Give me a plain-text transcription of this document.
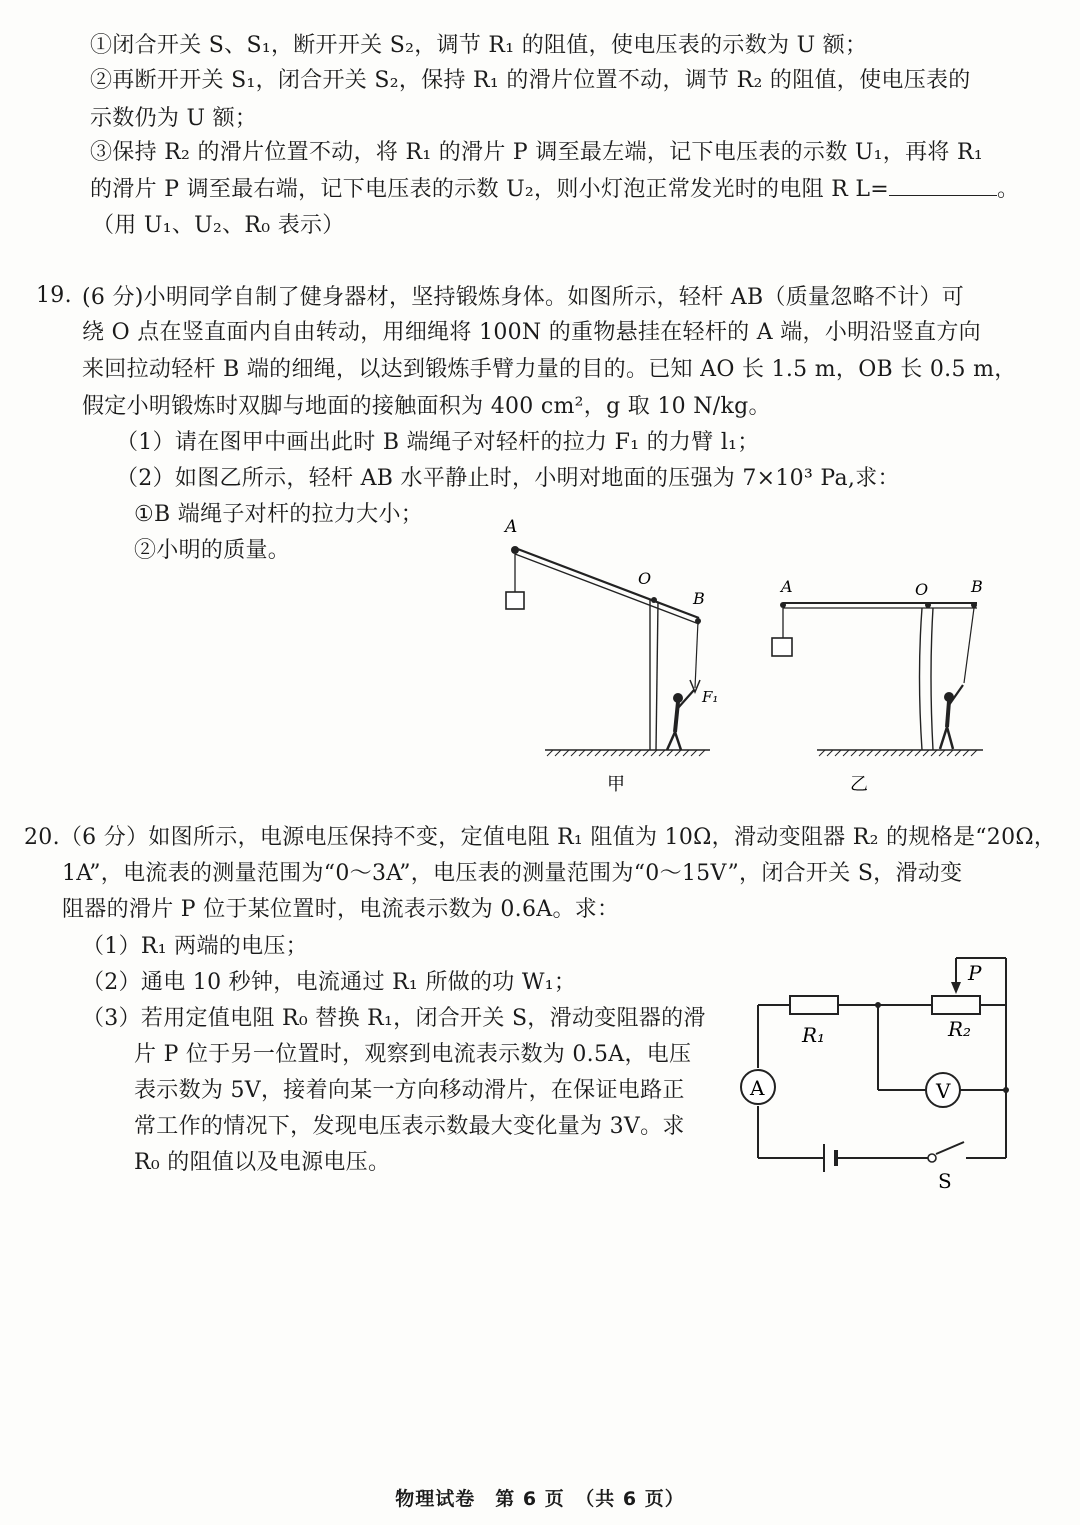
①闭合开关 S、S₁，断开开关 S₂，调节 R₁ 的阻值，使电压表的示数为 U 额；
②再断开开关 S₁，闭合开关 S₂，保持 R₁ 的滑片位置不动，调节 R₂ 的阻值，使电压表的
示数仍为 U 额；
③保持 R₂ 的滑片位置不动，将 R₁ 的滑片 P 调至最左端，记下电压表的示数 U₁，再将 R₁
的滑片 P 调至最右端，记下电压表的示数 U₂，则小灯泡正常发光时的电阻 R L=	。
（用 U₁、U₂、R₀ 表示）
19. (6 分)小明同学自制了健身器材，坚持锻炼身体。如图所示，轻杆 AB（质量忽略不计）可
绕 O 点在竖直面内自由转动，用细绳将 100N 的重物悬挂在轻杆的 A 端，小明沿竖直方向
来回拉动轻杆 B 端的细绳，以达到锻炼手臂力量的目的。已知 AO 长 1.5 m，OB 长 0.5 m，
假定小明锻炼时双脚与地面的接触面积为 400 cm²，g 取 10 N/kg。
（1）请在图甲中画出此时 B 端绳子对轻杆的拉力 F₁ 的力臂 l₁；
（2）如图乙所示，轻杆 AB 水平静止时，小明对地面的压强为 7×10³ Pa,求：
①B 端绳子对杆的拉力大小；
②小明的质量。
A
O
B
F₁
甲
A	O	B
乙
20.（6 分）如图所示，电源电压保持不变，定值电阻 R₁ 阻值为 10Ω，滑动变阻器 R₂ 的规格是“20Ω，
1A”，电流表的测量范围为“0～3A”，电压表的测量范围为“0～15V”，闭合开关 S，滑动变
阻器的滑片 P 位于某位置时，电流表示数为 0.6A。求：
（1）R₁ 两端的电压；
（2）通电 10 秒钟，电流通过 R₁ 所做的功 W₁；
（3）若用定值电阻 R₀ 替换 R₁，闭合开关 S，滑动变阻器的滑
片 P 位于另一位置时，观察到电流表示数为 0.5A，电压
表示数为 5V，接着向某一方向移动滑片，在保证电路正
常工作的情况下，发现电压表示数最大变化量为 3V。求
R₀ 的阻值以及电源电压。
A	V
S
R₁	R₂
P
物理试卷　第 6 页　（共 6 页）
